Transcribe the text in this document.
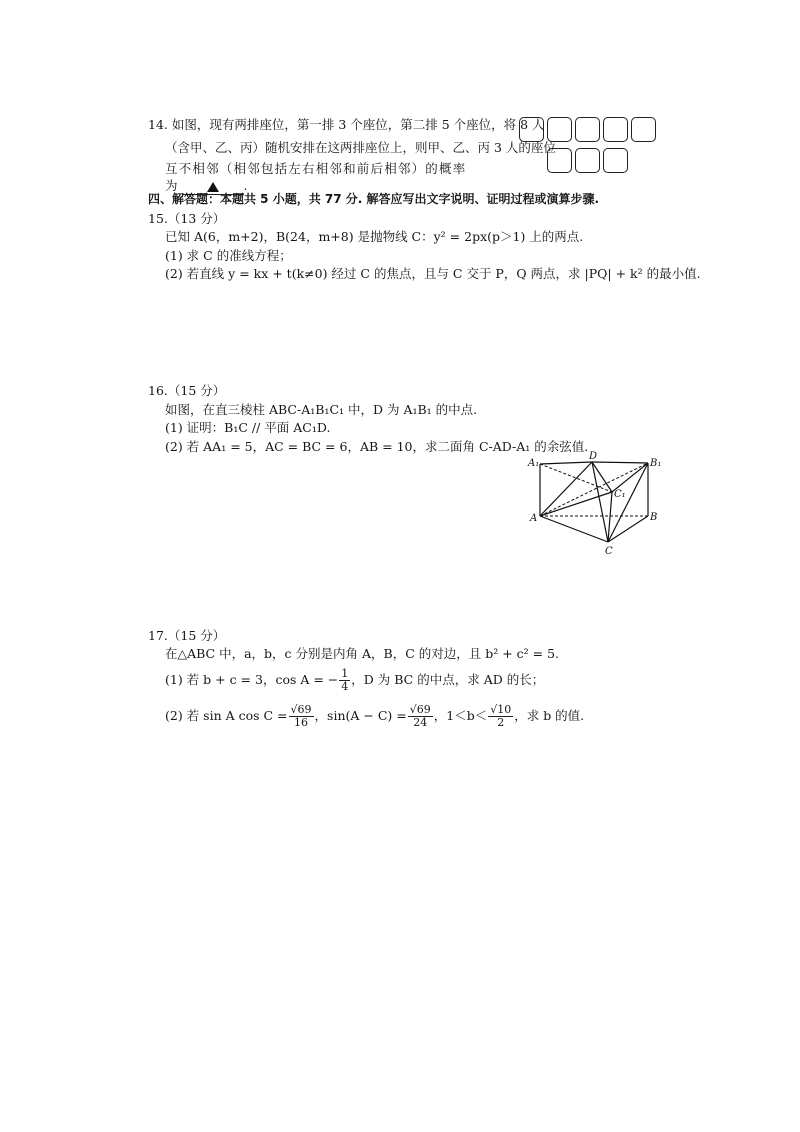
14. 如图，现有两排座位，第一排 3 个座位，第二排 5 个座位，将 8 人
（含甲、乙、丙）随机安排在这两排座位上，则甲、乙、丙 3 人的座位
互不相邻（相邻包括左右相邻和前后相邻）的概率
为	.
四、解答题：本题共 5 小题，共 77 分. 解答应写出文字说明、证明过程或演算步骤.
15.（13 分）
已知 A(6，m+2)，B(24，m+8) 是抛物线 C：y² = 2px(p＞1) 上的两点.
(1) 求 C 的准线方程；
(2) 若直线 y = kx + t(k≠0) 经过 C 的焦点，且与 C 交于 P，Q 两点，求 |PQ| + k² 的最小值.
16.（15 分）
如图，在直三棱柱 ABC-A₁B₁C₁ 中，D 为 A₁B₁ 的中点.
(1) 证明：B₁C // 平面 AC₁D.
(2) 若 AA₁ = 5，AC = BC = 6，AB = 10，求二面角 C-AD-A₁ 的余弦值.
A₁
D
B₁
C₁
A	B
C
17.（15 分）
在△ABC 中，a，b，c 分别是内角 A，B，C 的对边，且 b² + c² = 5.
(1) 若 b + c = 3，cos A = − $\frac{1}{4}$ ，D 为 BC 的中点，求 AD 的长；
(2) 若 sin A $\cos C = \frac{√69}{16}$ ，$\sin(A - C) = \frac{√69}{24}$ ，$1<b< \frac{√10}{2}$ ，求 b 的值.
